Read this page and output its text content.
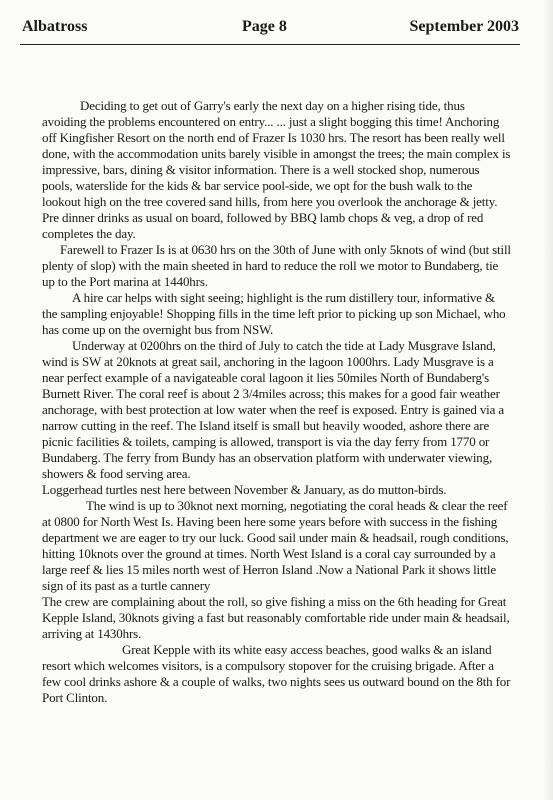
Albatross	Page 8	September 2003

Deciding to get out of Garry's early the next day on a higher rising tide, thus avoiding the problems encountered on entry... ... just a slight bogging this time! Anchoring off Kingfisher Resort on the north end of Frazer Is 1030 hrs. The resort has been really well done, with the accommodation units barely visible in amongst the trees; the main complex is impressive, bars, dining & visitor information. There is a well stocked shop, numerous pools, waterslide for the kids & bar service pool-side, we opt for the bush walk to the lookout high on the tree covered sand hills, from here you overlook the anchorage & jetty. Pre dinner drinks as usual on board, followed by BBQ lamb chops & veg, a drop of red completes the day.

Farewell to Frazer Is is at 0630 hrs on the 30th of June with only 5knots of wind (but still plenty of slop) with the main sheeted in hard to reduce the roll we motor to Bundaberg, tie up to the Port marina at 1440hrs.

A hire car helps with sight seeing; highlight is the rum distillery tour, informative & the sampling enjoyable! Shopping fills in the time left prior to picking up son Michael, who has come up on the overnight bus from NSW.

Underway at 0200hrs on the third of July to catch the tide at Lady Musgrave Island, wind is SW at 20knots at great sail, anchoring in the lagoon 1000hrs. Lady Musgrave is a near perfect example of a navigateable coral lagoon it lies 50miles North of Bundaberg's Burnett River. The coral reef is about 2 3/4miles across; this makes for a good fair weather anchorage, with best protection at low water when the reef is exposed. Entry is gained via a narrow cutting in the reef. The Island itself is small but heavily wooded, ashore there are picnic facilities & toilets, camping is allowed, transport is via the day ferry from 1770 or Bundaberg. The ferry from Bundy has an observation platform with underwater viewing, showers & food serving area.

Loggerhead turtles nest here between November & January, as do mutton-birds.

The wind is up to 30knot next morning, negotiating the coral heads & clear the reef at 0800 for North West Is. Having been here some years before with success in the fishing department we are eager to try our luck. Good sail under main & headsail, rough conditions, hitting 10knots over the ground at times. North West Island is a coral cay surrounded by a large reef & lies 15 miles north west of Herron Island .Now a National Park it shows little sign of its past as a turtle cannery

The crew are complaining about the roll, so give fishing a miss on the 6th heading for Great Kepple Island, 30knots giving a fast but reasonably comfortable ride under main & headsail, arriving at 1430hrs.

Great Kepple with its white easy access beaches, good walks & an island resort which welcomes visitors, is a compulsory stopover for the cruising brigade. After a few cool drinks ashore & a couple of walks, two nights sees us outward bound on the 8th for Port Clinton.
